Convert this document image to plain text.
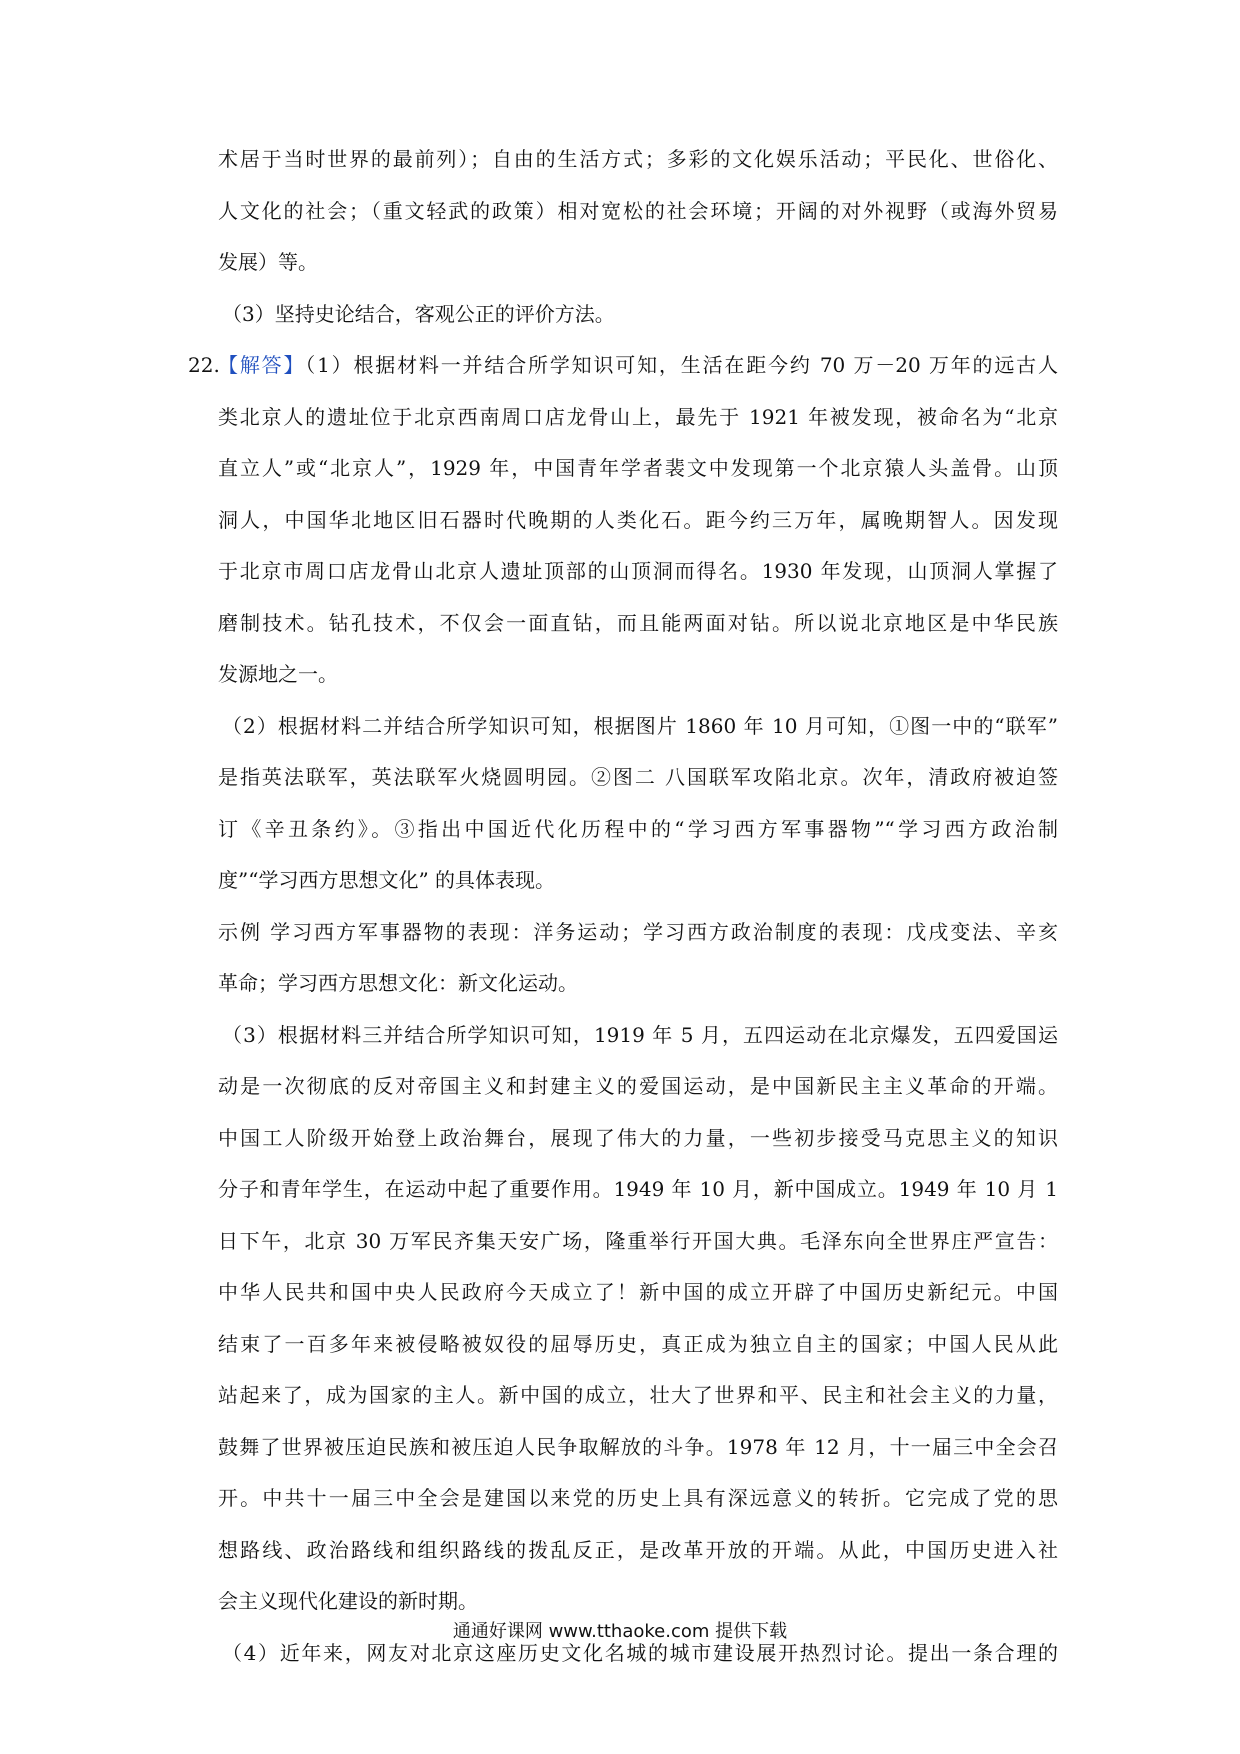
术居于当时世界的最前列）；自由的生活方式；多彩的文化娱乐活动；平民化、世俗化、
人文化的社会；（重文轻武的政策）相对宽松的社会环境；开阔的对外视野（或海外贸易
发展）等。
（3）坚持史论结合，客观公正的评价方法。
22.
【解答】（1）根据材料一并结合所学知识可知，生活在距今约 70 万－20 万年的远古人
类北京人的遗址位于北京西南周口店龙骨山上，最先于 1921 年被发现，被命名为“北京
直立人”或“北京人”，1929 年，中国青年学者裴文中发现第一个北京猿人头盖骨。山顶
洞人，中国华北地区旧石器时代晚期的人类化石。距今约三万年，属晚期智人。因发现
于北京市周口店龙骨山北京人遗址顶部的山顶洞而得名。1930 年发现，山顶洞人掌握了
磨制技术。钻孔技术，不仅会一面直钻，而且能两面对钻。所以说北京地区是中华民族
发源地之一。
（2）根据材料二并结合所学知识可知，根据图片 1860 年 10 月可知，①图一中的“联军”
是指英法联军，英法联军火烧圆明园。②图二 八国联军攻陷北京。次年，清政府被迫签
订《辛丑条约》。③指出中国近代化历程中的“学习西方军事器物”“学习西方政治制
度”“学习西方思想文化” 的具体表现。
示例 学习西方军事器物的表现：洋务运动；学习西方政治制度的表现：戊戌变法、辛亥
革命；学习西方思想文化：新文化运动。
（3）根据材料三并结合所学知识可知，1919 年 5 月，五四运动在北京爆发，五四爱国运
动是一次彻底的反对帝国主义和封建主义的爱国运动，是中国新民主主义革命的开端。
中国工人阶级开始登上政治舞台，展现了伟大的力量，一些初步接受马克思主义的知识
分子和青年学生，在运动中起了重要作用。1949 年 10 月，新中国成立。1949 年 10 月 1
日下午，北京 30 万军民齐集天安广场，隆重举行开国大典。毛泽东向全世界庄严宣告：
中华人民共和国中央人民政府今天成立了！新中国的成立开辟了中国历史新纪元。中国
结束了一百多年来被侵略被奴役的屈辱历史，真正成为独立自主的国家；中国人民从此
站起来了，成为国家的主人。新中国的成立，壮大了世界和平、民主和社会主义的力量，
鼓舞了世界被压迫民族和被压迫人民争取解放的斗争。1978 年 12 月，十一届三中全会召
开。中共十一届三中全会是建国以来党的历史上具有深远意义的转折。它完成了党的思
想路线、政治路线和组织路线的拨乱反正，是改革开放的开端。从此，中国历史进入社
会主义现代化建设的新时期。
（4）近年来，网友对北京这座历史文化名城的城市建设展开热烈讨论。提出一条合理的
通通好课网 www.tthaoke.com 提供下载
